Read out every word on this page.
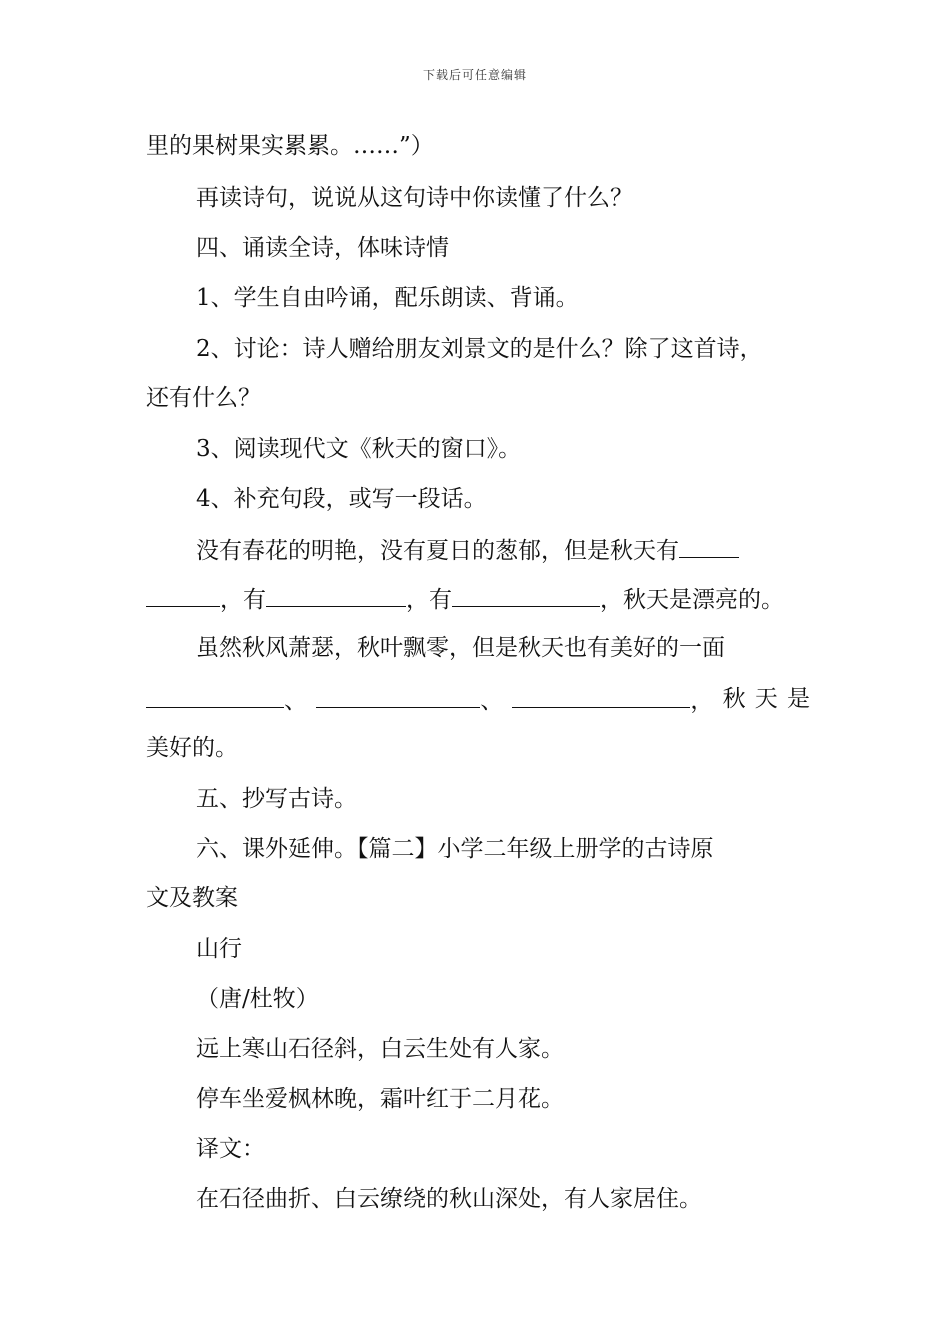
下载后可任意编辑
里的果树果实累累。……”）
再读诗句，说说从这句诗中你读懂了什么？
四、诵读全诗，体味诗情
1、学生自由吟诵，配乐朗读、背诵。
2、讨论：诗人赠给朋友刘景文的是什么？除了这首诗，
还有什么？
3、阅读现代文《秋天的窗口》。
4、补充句段，或写一段话。
没有春花的明艳，没有夏日的葱郁，但是秋天有
，有	，有	，秋天是漂亮的。
虽然秋风萧瑟，秋叶飘零，但是秋天也有美好的一面
、	、	， 秋 天 是
美好的。
五、抄写古诗。
六、课外延伸。【篇二】小学二年级上册学的古诗原
文及教案
山行
（唐/杜牧）
远上寒山石径斜，白云生处有人家。
停车坐爱枫林晚，霜叶红于二月花。
译文：
在石径曲折、白云缭绕的秋山深处，有人家居住。
